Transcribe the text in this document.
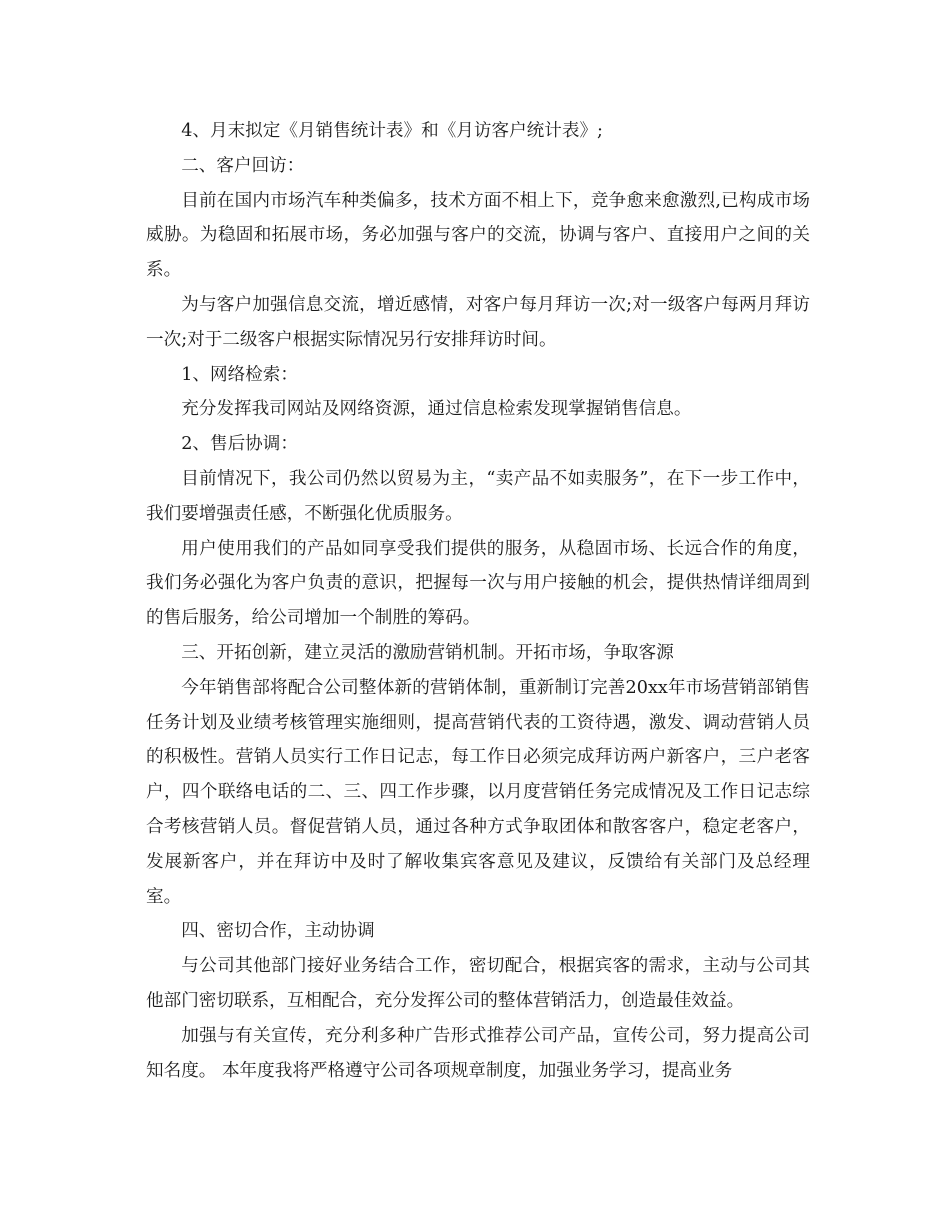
4、月末拟定《月销售统计表》和《月访客户统计表》;

二、客户回访：

目前在国内市场汽车种类偏多，技术方面不相上下，竞争愈来愈激烈,已构成市场威胁。为稳固和拓展市场，务必加强与客户的交流，协调与客户、直接用户之间的关系。

为与客户加强信息交流，增近感情，对客户每月拜访一次;对一级客户每两月拜访一次;对于二级客户根据实际情况另行安排拜访时间。

1、网络检索：

充分发挥我司网站及网络资源，通过信息检索发现掌握销售信息。

2、售后协调：

目前情况下，我公司仍然以贸易为主，“卖产品不如卖服务”，在下一步工作中，我们要增强责任感，不断强化优质服务。

用户使用我们的产品如同享受我们提供的服务，从稳固市场、长远合作的角度，我们务必强化为客户负责的意识，把握每一次与用户接触的机会，提供热情详细周到的售后服务，给公司增加一个制胜的筹码。

三、开拓创新，建立灵活的激励营销机制。开拓市场，争取客源

今年销售部将配合公司整体新的营销体制，重新制订完善20xx年市场营销部销售任务计划及业绩考核管理实施细则，提高营销代表的工资待遇，激发、调动营销人员的积极性。营销人员实行工作日记志，每工作日必须完成拜访两户新客户，三户老客户，四个联络电话的二、三、四工作步骤，以月度营销任务完成情况及工作日记志综合考核营销人员。督促营销人员，通过各种方式争取团体和散客客户，稳定老客户，发展新客户，并在拜访中及时了解收集宾客意见及建议，反馈给有关部门及总经理室。

四、密切合作，主动协调

与公司其他部门接好业务结合工作，密切配合，根据宾客的需求，主动与公司其他部门密切联系，互相配合，充分发挥公司的整体营销活力，创造最佳效益。

加强与有关宣传，充分利多种广告形式推荐公司产品，宣传公司，努力提高公司知名度。 本年度我将严格遵守公司各项规章制度，加强业务学习，提高业务
